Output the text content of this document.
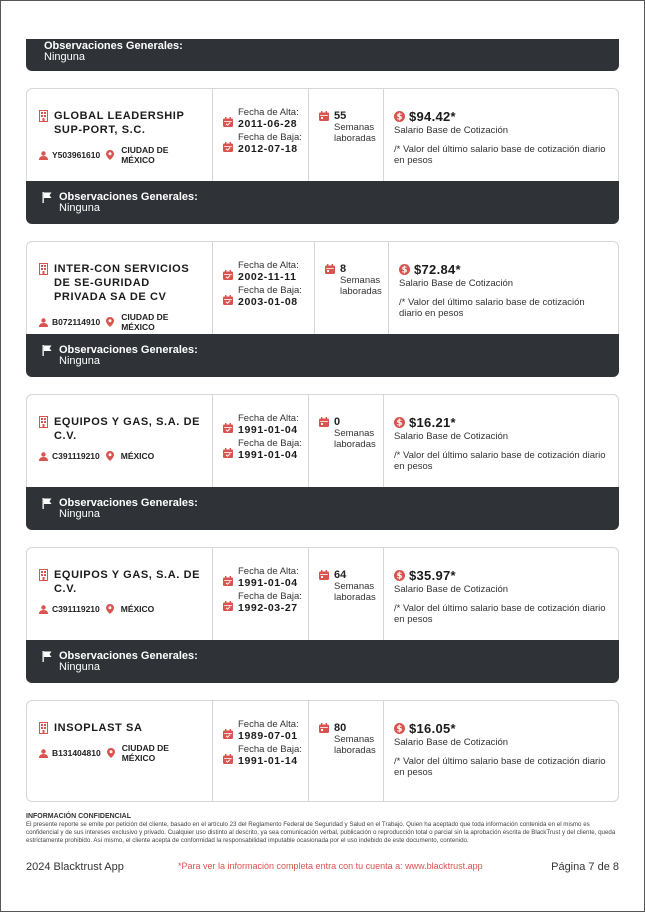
Observaciones Generales:
Ninguna
GLOBAL LEADERSHIP SUP-PORT, S.C.
Y503961610 CIUDAD DE MÉXICO
Fecha de Alta:
2011-06-28
Fecha de Baja:
2012-07-18
55
Semanas
laboradas
$ $94.42*
Salario Base de Cotización
/* Valor del último salario base de cotización diario en pesos
Observaciones Generales:
Ninguna
INTER-CON SERVICIOS DE SE-GURIDAD PRIVADA SA DE CV
B072114910 CIUDAD DE MÉXICO
Fecha de Alta:
2002-11-11
Fecha de Baja:
2003-01-08
8
Semanas
laboradas
$ $72.84*
Salario Base de Cotización
/* Valor del último salario base de cotización diario en pesos
Observaciones Generales:
Ninguna
EQUIPOS Y GAS, S.A. DE C.V.
C391119210 MÉXICO
Fecha de Alta:
1991-01-04
Fecha de Baja:
1991-01-04
0
Semanas
laboradas
$ $16.21*
Salario Base de Cotización
/* Valor del último salario base de cotización diario en pesos
Observaciones Generales:
Ninguna
EQUIPOS Y GAS, S.A. DE C.V.
C391119210 MÉXICO
Fecha de Alta:
1991-01-04
Fecha de Baja:
1992-03-27
64
Semanas
laboradas
$ $35.97*
Salario Base de Cotización
/* Valor del último salario base de cotización diario en pesos
Observaciones Generales:
Ninguna
INSOPLAST SA
B131404810 CIUDAD DE MÉXICO
Fecha de Alta:
1989-07-01
Fecha de Baja:
1991-01-14
80
Semanas
laboradas
$ $16.05*
Salario Base de Cotización
/* Valor del último salario base de cotización diario en pesos
INFORMACIÓN CONFIDENCIAL
El presente reporte se emite por petición del cliente, basado en el artículo 23 del Reglamento Federal de Seguridad y Salud en el Trabajo. Quien ha aceptado que toda información contenida en el mismo es confidencial y de sus intereses exclusivo y privado. Cualquier uso distinto al descrito, ya sea comunicación verbal, publicación o reproducción total o parcial sin la aprobación escrita de BlackTrust y del cliente, queda estrictamente prohibido. Así mismo, el cliente acepta de conformidad la responsabilidad imputable ocasionada por el uso indebido de este documento, contenido.
2024 Blacktrust App	*Para ver la información completa entra con tu cuenta a: www.blacktrust.app	Página 7 de 8
